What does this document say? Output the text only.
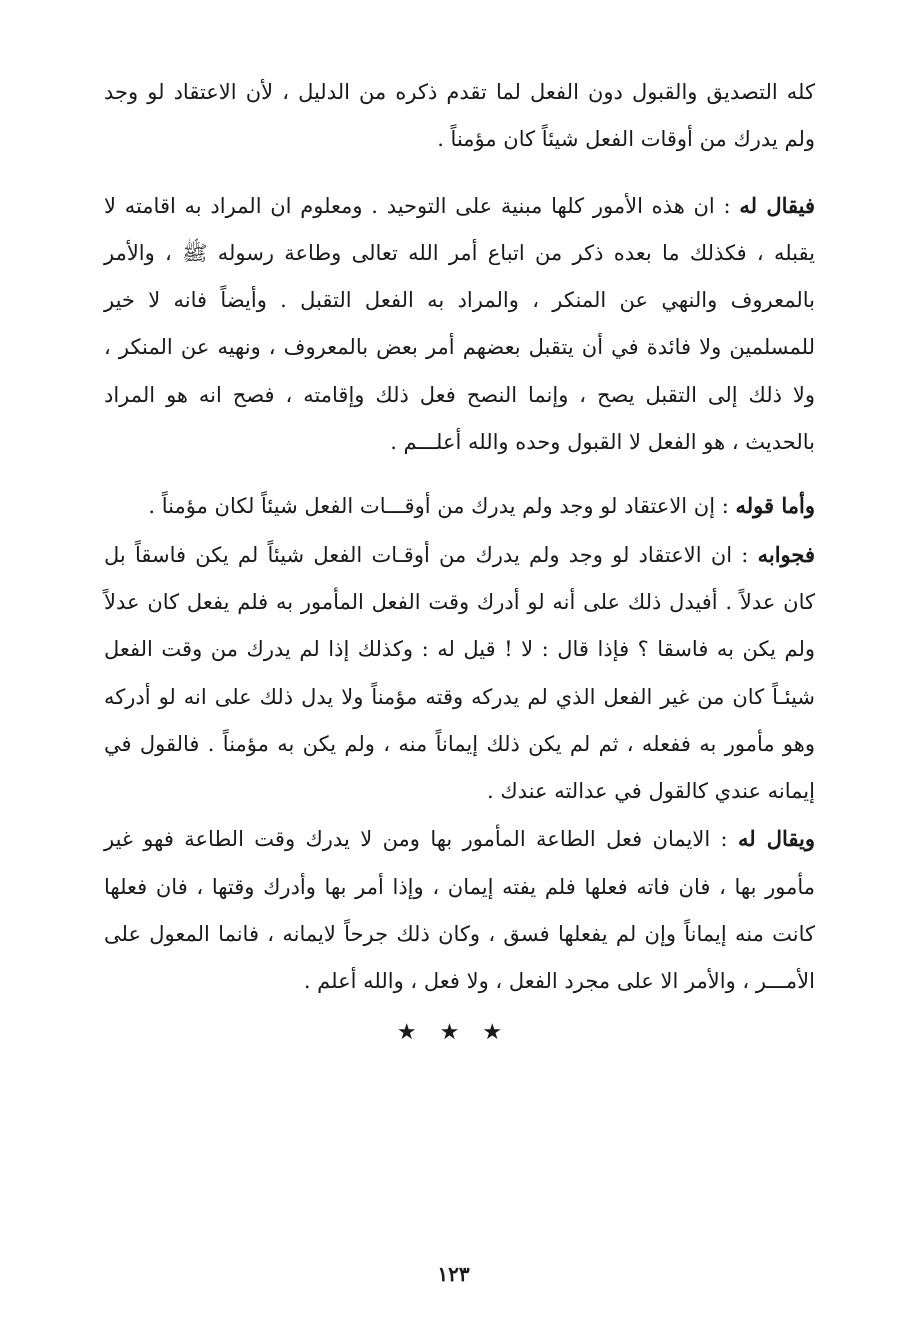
كله التصديق والقبول دون الفعل لما تقدم ذكره من الدليل ، لأن الاعتقاد لو وجد ولم يدرك من أوقات الفعل شيئاً كان مؤمناً .

فيقال له : ان هذه الأمور كلها مبنية على التوحيد . ومعلوم ان المراد به اقامته لا يقبله ، فكذلك ما بعده ذكر من اتباع أمر الله تعالى وطاعة رسوله ﷺ ، والأمر بالمعروف والنهي عن المنكر ، والمراد به الفعل التقبل . وأيضاً فانه لا خير للمسلمين ولا فائدة في أن يتقبل بعضهم أمر بعض بالمعروف ، ونهيه عن المنكر ، ولا ذلك إلى التقبل يصح ، وإنما النصح فعل ذلك وإقامته ، فصح انه هو المراد بالحديث ، هو الفعل لا القبول وحده والله أعلـــم .

وأما قوله : إن الاعتقاد لو وجد ولم يدرك من أوقـــات الفعل شيئاً لكان مؤمناً .

فجوابه : ان الاعتقاد لو وجد ولم يدرك من أوقـات الفعل شيئاً لم يكن فاسقاً بل كان عدلاً . أفيدل ذلك على أنه لو أدرك وقت الفعل المأمور به فلم يفعل كان عدلاً ولم يكن به فاسقا ؟ فإذا قال : لا ! قيل له : وكذلك إذا لم يدرك من وقت الفعل شيئـاً كان من غير الفعل الذي لم يدركه وقته مؤمناً ولا يدل ذلك على انه لو أدركه وهو مأمور به ففعله ، ثم لم يكن ذلك إيماناً منه ، ولم يكن به مؤمناً . فالقول في إيمانه عندي كالقول في عدالته عندك .

ويقال له : الايمان فعل الطاعة المأمور بها ومن لا يدرك وقت الطاعة فهو غير مأمور بها ، فان فاته فعلها فلم يفته إيمان ، وإذا أمر بها وأدرك وقتها ، فان فعلها كانت منه إيماناً وإن لم يفعلها فسق ، وكان ذلك جرحاً لايمانه ، فانما المعول على الأمـــر ، والأمر الا على مجرد الفعل ، ولا فعل ، والله أعلم .

★ ★ ★
١٢٣
